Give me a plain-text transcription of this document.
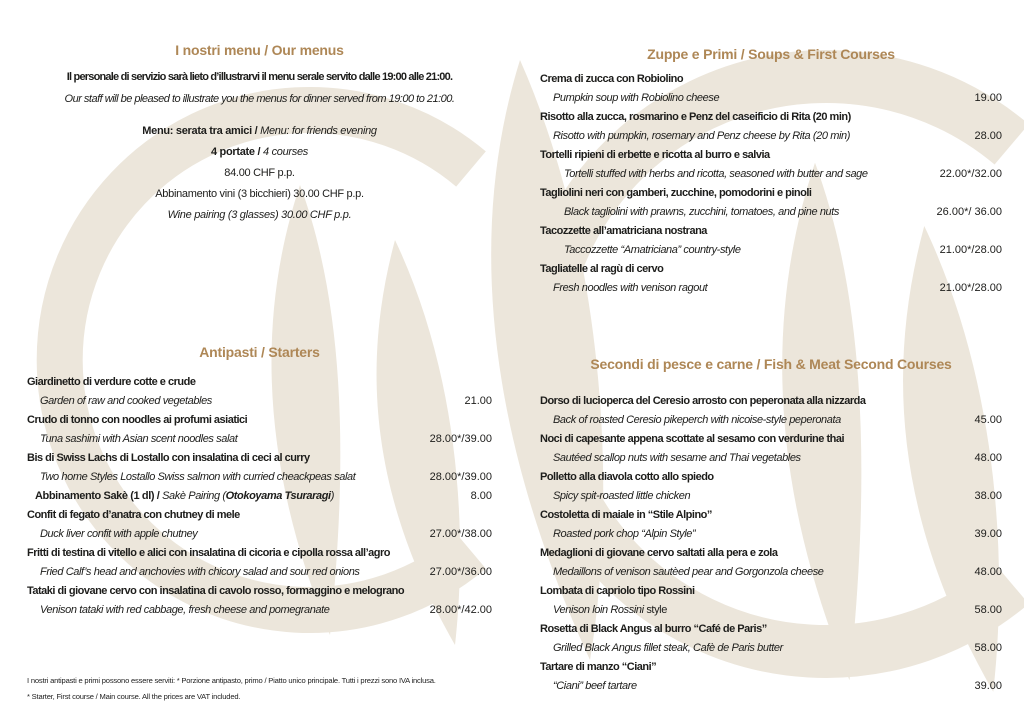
I nostri menu / Our menus

Il personale di servizio sarà lieto d’illustrarvi il menu serale servito dalle 19:00 alle 21:00.

Our staff will be pleased to illustrate you the menus for dinner served from 19:00 to 21:00.

Menu: serata tra amici / Menu: for friends evening
4 portate / 4 courses
84.00 CHF p.p.
Abbinamento vini (3 bicchieri) 30.00 CHF p.p.
Wine pairing (3 glasses) 30.00 CHF p.p.
Antipasti / Starters
Giardinetto di verdure cotte e crude
Garden of raw and cooked vegetables	21.00
Crudo di tonno con noodles ai profumi asiatici
Tuna sashimi with Asian scent noodles salat	28.00*/39.00
Bis di Swiss Lachs di Lostallo con insalatina di ceci al curry
Two home Styles Lostallo Swiss salmon with curried cheackpeas salat	28.00*/39.00
Abbinamento Sakè (1 dl) / Sakè Pairing (Otokoyama Tsuraragi)	8.00
Confit di fegato d’anatra con chutney di mele
Duck liver confit with apple chutney	27.00*/38.00
Fritti di testina di vitello e alici con insalatina di cicoria e cipolla rossa all’agro
Fried Calf’s head and anchovies with chicory salad and sour red onions	27.00*/36.00
Tataki di giovane cervo con insalatina di cavolo rosso, formaggino e melograno
Venison tataki with red cabbage, fresh cheese and pomegranate	28.00*/42.00
Zuppe e Primi / Soups & First Courses
Crema di zucca con Robiolino
Pumpkin soup with Robiolino cheese	19.00
Risotto alla zucca, rosmarino e Penz del caseificio di Rita (20 min)
Risotto with pumpkin, rosemary and Penz cheese by Rita (20 min)	28.00
Tortelli ripieni di erbette e ricotta al burro e salvia
Tortelli stuffed with herbs and ricotta, seasoned with butter and sage	22.00*/32.00
Tagliolini neri con gamberi, zucchine, pomodorini e pinoli
Black tagliolini with prawns, zucchini, tomatoes, and pine nuts	26.00*/ 36.00
Tacozzette all’amatriciana nostrana
Taccozzette “Amatriciana” country-style	21.00*/28.00
Tagliatelle al ragù di cervo
Fresh noodles with venison ragout	21.00*/28.00
Secondi di pesce e carne / Fish & Meat Second Courses
Dorso di lucioperca del Ceresio arrosto con peperonata alla nizzarda
Back of roasted Ceresio pikeperch with nicoise-style peperonata	45.00
Noci di capesante appena scottate al sesamo con verdurine thai
Sautéed scallop nuts with sesame and Thai vegetables	48.00
Polletto alla diavola cotto allo spiedo
Spicy spit-roasted little chicken	38.00
Costoletta di maiale in “Stile Alpino”
Roasted pork chop “Alpin Style”	39.00
Medaglioni di giovane cervo saltati alla pera e zola
Medaillons of venison sautèed pear and Gorgonzola cheese	48.00
Lombata di capriolo tipo Rossini
Venison loin Rossini style	58.00
Rosetta di Black Angus al burro “Café de Paris”
Grilled Black Angus fillet steak, Cafè de Paris butter	58.00
Tartare di manzo “Ciani”
“Ciani” beef tartare	39.00
I nostri antipasti e primi possono essere serviti: * Porzione antipasto, primo / Piatto unico principale. Tutti i prezzi sono IVA inclusa.
* Starter, First course / Main course. All the prices are VAT included.
